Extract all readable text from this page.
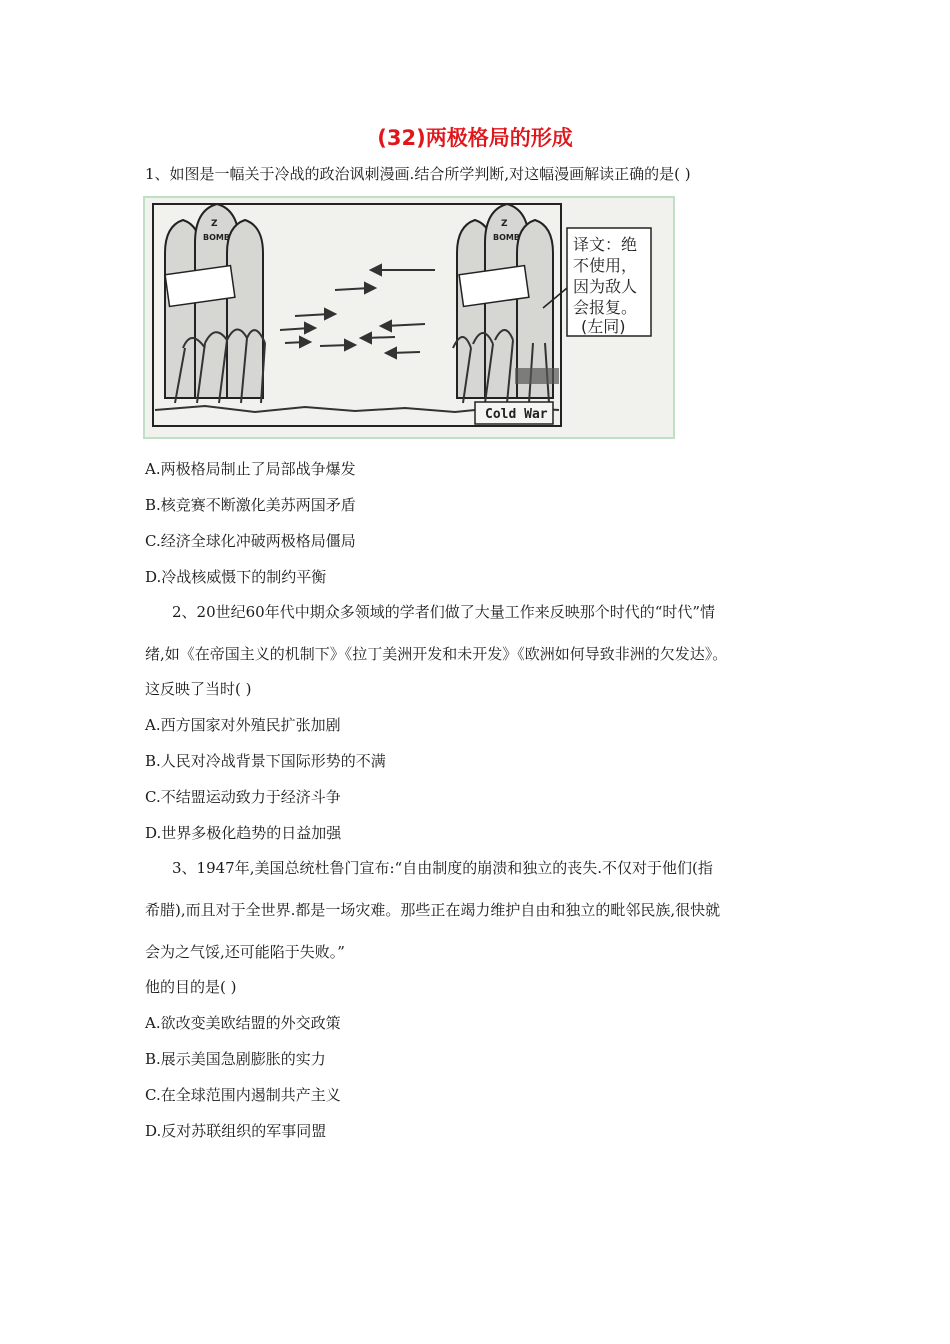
(32)两极格局的形成
1、如图是一幅关于冷战的政治讽刺漫画.结合所学判断,对这幅漫画解读正确的是( )
Z
BOMB
Z
BOMB
Cold War
译文：绝
不使用，
因为敌人
会报复。
(左同)
A.两极格局制止了局部战争爆发
B.核竞赛不断激化美苏两国矛盾
C.经济全球化冲破两极格局僵局
D.冷战核威慑下的制约平衡
2、20世纪60年代中期众多领域的学者们做了大量工作来反映那个时代的“时代”情
绪,如《在帝国主义的机制下》《拉丁美洲开发和未开发》《欧洲如何导致非洲的欠发达》。
这反映了当时( )
A.西方国家对外殖民扩张加剧
B.人民对冷战背景下国际形势的不满
C.不结盟运动致力于经济斗争
D.世界多极化趋势的日益加强
3、1947年,美国总统杜鲁门宣布:“自由制度的崩溃和独立的丧失.不仅对于他们(指
希腊),而且对于全世界.都是一场灾难。那些正在竭力维护自由和独立的毗邻民族,很快就
会为之气馁,还可能陷于失败。”
他的目的是( )
A.欲改变美欧结盟的外交政策
B.展示美国急剧膨胀的实力
C.在全球范围内遏制共产主义
D.反对苏联组织的军事同盟
